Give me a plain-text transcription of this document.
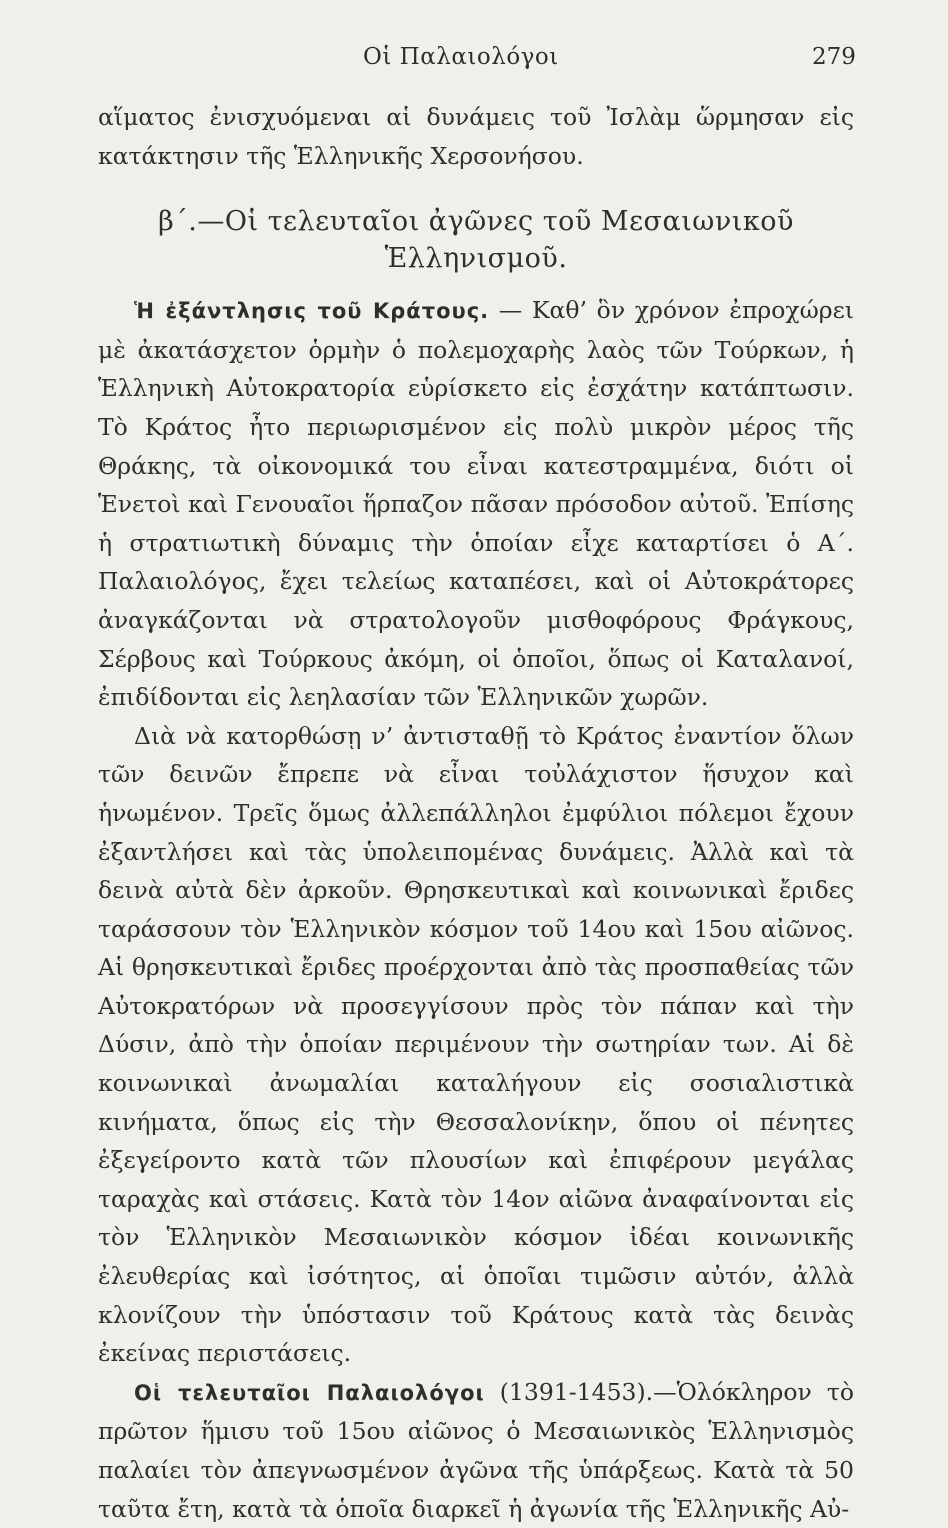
Οἱ Παλαιολόγοι	279

αἵματος ἐνισχυόμεναι αἱ δυνάμεις τοῦ Ἰσλὰμ ὥρμησαν εἰς κατάκτησιν τῆς Ἑλληνικῆς Χερσονήσου.

β΄.—Οἱ τελευταῖοι ἀγῶνες τοῦ Μεσαιωνικοῦ
Ἑλληνισμοῦ.

Ἡ ἐξάντλησις τοῦ Κράτους. — Καθ’ ὃν χρόνον ἐπροχώρει μὲ ἀκατάσχετον ὁρμὴν ὁ πολεμοχαρὴς λαὸς τῶν Τούρκων, ἡ Ἑλληνικὴ Αὐτοκρατορία εὑρίσκετο εἰς ἐσχάτην κατάπτωσιν. Τὸ Κράτος ἦτο περιωρισμένον εἰς πολὺ μικρὸν μέρος τῆς Θράκης, τὰ οἰκονομικά του εἶναι κατεστραμμένα, διότι οἱ Ἑνετοὶ καὶ Γενουαῖοι ἥρπαζον πᾶσαν πρόσοδον αὐτοῦ. Ἐπίσης ἡ στρατιωτικὴ δύναμις τὴν ὁποίαν εἶχε καταρτίσει ὁ Α΄. Παλαιολόγος, ἔχει τελείως καταπέσει, καὶ οἱ Αὐτοκράτορες ἀναγκάζονται νὰ στρατολογοῦν μισθοφόρους Φράγκους, Σέρβους καὶ Τούρκους ἀκόμη, οἱ ὁποῖοι, ὅπως οἱ Καταλανοί, ἐπιδίδονται εἰς λεηλασίαν τῶν Ἑλληνικῶν χωρῶν.

Διὰ νὰ κατορθώσῃ ν’ ἀντισταθῇ τὸ Κράτος ἐναντίον ὅλων τῶν δεινῶν ἔπρεπε νὰ εἶναι τοὐλάχιστον ἥσυχον καὶ ἡνωμένον. Τρεῖς ὅμως ἀλλεπάλληλοι ἐμφύλιοι πόλεμοι ἔχουν ἐξαντλήσει καὶ τὰς ὑπολειπομένας δυνάμεις. Ἀλλὰ καὶ τὰ δεινὰ αὐτὰ δὲν ἀρκοῦν. Θρησκευτικαὶ καὶ κοινωνικαὶ ἔριδες ταράσσουν τὸν Ἑλληνικὸν κόσμον τοῦ 14ου καὶ 15ου αἰῶνος. Αἱ θρησκευτικαὶ ἔριδες προέρχονται ἀπὸ τὰς προσπαθείας τῶν Αὐτοκρατόρων νὰ προσεγγίσουν πρὸς τὸν πάπαν καὶ τὴν Δύσιν, ἀπὸ τὴν ὁποίαν περιμένουν τὴν σωτηρίαν των. Αἱ δὲ κοινωνικαὶ ἀνωμαλίαι καταλήγουν εἰς σοσιαλιστικὰ κινήματα, ὅπως εἰς τὴν Θεσσαλονίκην, ὅπου οἱ πένητες ἐξεγείροντο κατὰ τῶν πλουσίων καὶ ἐπιφέρουν μεγάλας ταραχὰς καὶ στάσεις. Κατὰ τὸν 14ον αἰῶνα ἀναφαίνονται εἰς τὸν Ἑλληνικὸν Μεσαιωνικὸν κόσμον ἰδέαι κοινωνικῆς ἐλευθερίας καὶ ἰσότητος, αἱ ὁποῖαι τιμῶσιν αὐτόν, ἀλλὰ κλονίζουν τὴν ὑπόστασιν τοῦ Κράτους κατὰ τὰς δεινὰς ἐκείνας περιστάσεις.

Οἱ τελευταῖοι Παλαιολόγοι (1391-1453).—Ὁλόκληρον τὸ πρῶτον ἥμισυ τοῦ 15ου αἰῶνος ὁ Μεσαιωνικὸς Ἑλληνισμὸς παλαίει τὸν ἀπεγνωσμένον ἀγῶνα τῆς ὑπάρξεως. Κατὰ τὰ 50 ταῦτα ἔτη, κατὰ τὰ ὁποῖα διαρκεῖ ἡ ἀγωνία τῆς Ἑλληνικῆς Αὐ-
